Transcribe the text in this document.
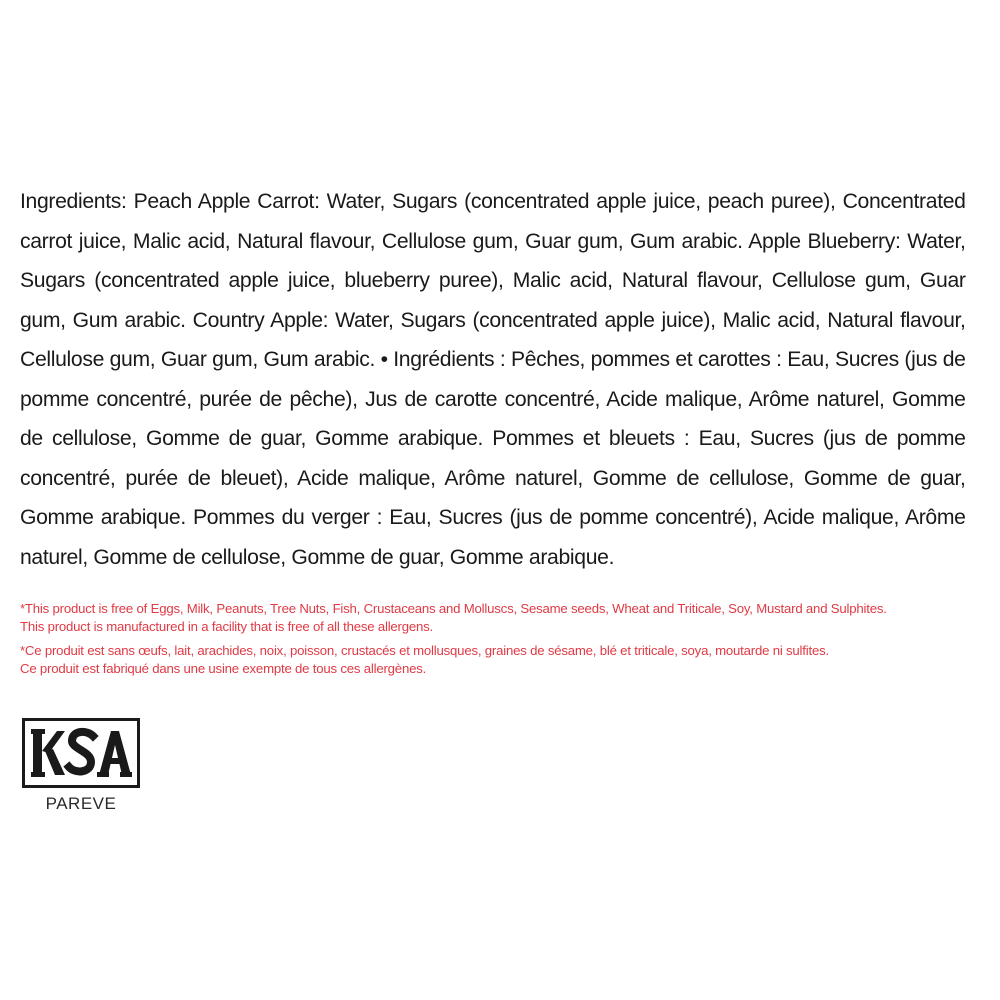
Ingredients: Peach Apple Carrot: Water, Sugars (concentrated apple juice, peach puree), Concentrated carrot juice, Malic acid, Natural flavour, Cellulose gum, Guar gum, Gum arabic. Apple Blueberry: Water, Sugars (concentrated apple juice, blueberry puree), Malic acid, Natural flavour, Cellulose gum, Guar gum, Gum arabic. Country Apple: Water, Sugars (concentrated apple juice), Malic acid, Natural flavour, Cellulose gum, Guar gum, Gum arabic. • Ingrédients : Pêches, pommes et carottes : Eau, Sucres (jus de pomme concentré, purée de pêche), Jus de carotte concentré, Acide malique, Arôme naturel, Gomme de cellulose, Gomme de guar, Gomme arabique. Pommes et bleuets : Eau, Sucres (jus de pomme concentré, purée de bleuet), Acide malique, Arôme naturel, Gomme de cellulose, Gomme de guar, Gomme arabique. Pommes du verger : Eau, Sucres (jus de pomme concentré), Acide malique, Arôme naturel, Gomme de cellulose, Gomme de guar, Gomme arabique.
*This product is free of Eggs, Milk, Peanuts, Tree Nuts, Fish, Crustaceans and Molluscs, Sesame seeds, Wheat and Triticale, Soy, Mustard and Sulphites.
This product is manufactured in a facility that is free of all these allergens.
*Ce produit est sans œufs, lait, arachides, noix, poisson, crustacés et mollusques, graines de sésame, blé et triticale, soya, moutarde ni sulfites.
Ce produit est fabriqué dans une usine exempte de tous ces allergènes.
PAREVE
